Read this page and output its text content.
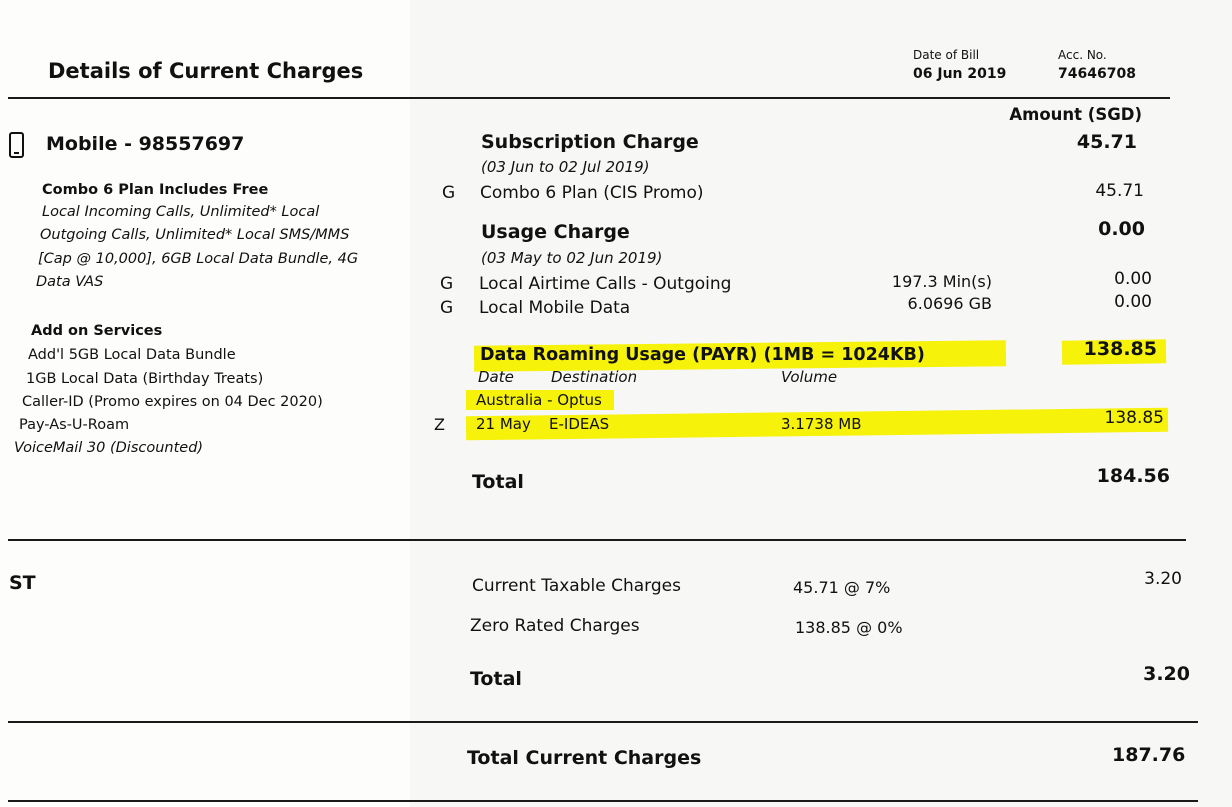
Details of Current Charges
Date of Bill
06 Jun 2019
Acc. No.
74646708
Amount (SGD)
Mobile - 98557697
Combo 6 Plan Includes Free
Local Incoming Calls, Unlimited* Local
Outgoing Calls, Unlimited* Local SMS/MMS
[Cap @ 10,000], 6GB Local Data Bundle, 4G
Data VAS
Add on Services
Add'l 5GB Local Data Bundle
1GB Local Data (Birthday Treats)
Caller-ID (Promo expires on 04 Dec 2020)
Pay-As-U-Roam
VoiceMail 30 (Discounted)
Subscription Charge
(03 Jun to 02 Jul 2019)
45.71
G Combo 6 Plan (CIS Promo)	45.71
Usage Charge
(03 May to 02 Jun 2019)
0.00
G Local Airtime Calls - Outgoing	197.3 Min(s)	0.00
G Local Mobile Data	6.0696 GB	0.00
Data Roaming Usage (PAYR) (1MB = 1024KB)	138.85
Date Destination	Volume
Australia - Optus
Z 21 May E-IDEAS	3.1738 MB	138.85
Total	184.56
ST	Current Taxable Charges	45.71 @ 7%	3.20
Zero Rated Charges	138.85 @ 0%
Total	3.20
Total Current Charges	187.76
